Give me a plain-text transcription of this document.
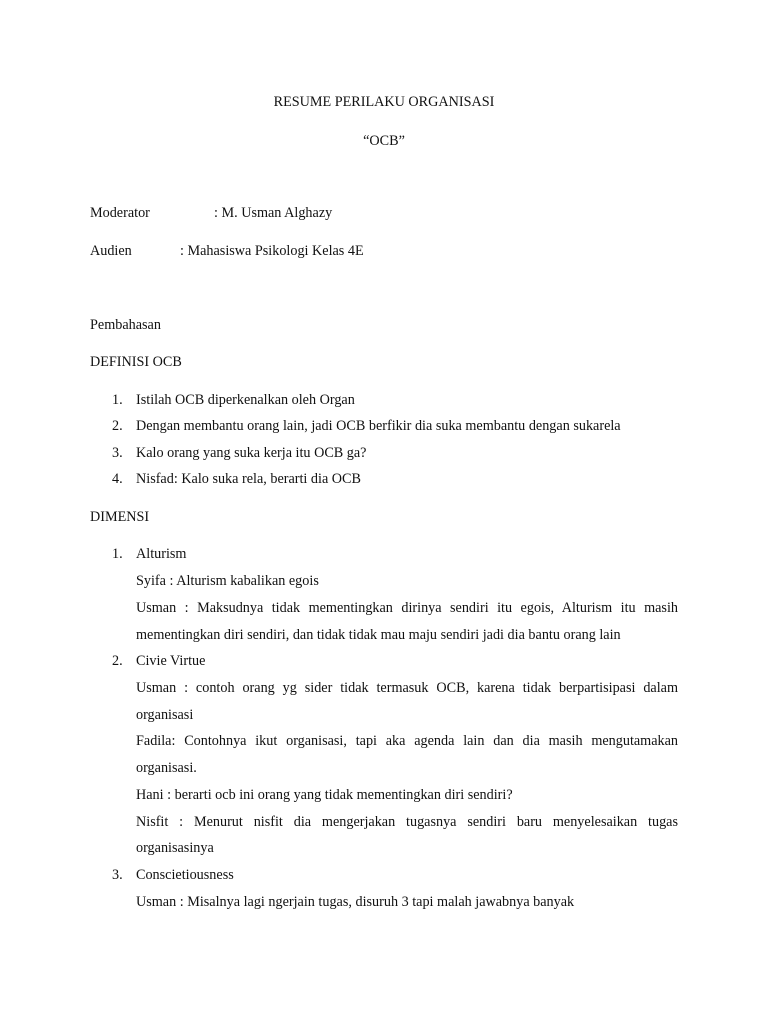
RESUME PERILAKU ORGANISASI
“OCB”
Moderator	: M. Usman Alghazy
Audien	: Mahasiswa Psikologi Kelas 4E
Pembahasan
DEFINISI OCB
1. Istilah OCB diperkenalkan oleh Organ
2. Dengan membantu orang lain, jadi OCB berfikir dia suka membantu dengan sukarela
3. Kalo orang yang suka kerja itu OCB ga?
4. Nisfad: Kalo suka rela, berarti dia OCB
DIMENSI
1. Alturism
Syifa : Alturism kabalikan egois
Usman : Maksudnya tidak mementingkan dirinya sendiri itu egois, Alturism itu masih
mementingkan diri sendiri, dan tidak tidak mau maju sendiri jadi dia bantu orang lain
2. Civie Virtue
Usman : contoh orang yg sider tidak termasuk OCB, karena tidak berpartisipasi dalam
organisasi
Fadila: Contohnya ikut organisasi, tapi aka agenda lain dan dia masih mengutamakan
organisasi.
Hani : berarti ocb ini orang yang tidak mementingkan diri sendiri?
Nisfit : Menurut nisfit dia mengerjakan tugasnya sendiri baru menyelesaikan tugas
organisasinya
3. Conscietiousness
Usman : Misalnya lagi ngerjain tugas, disuruh 3 tapi malah jawabnya banyak
